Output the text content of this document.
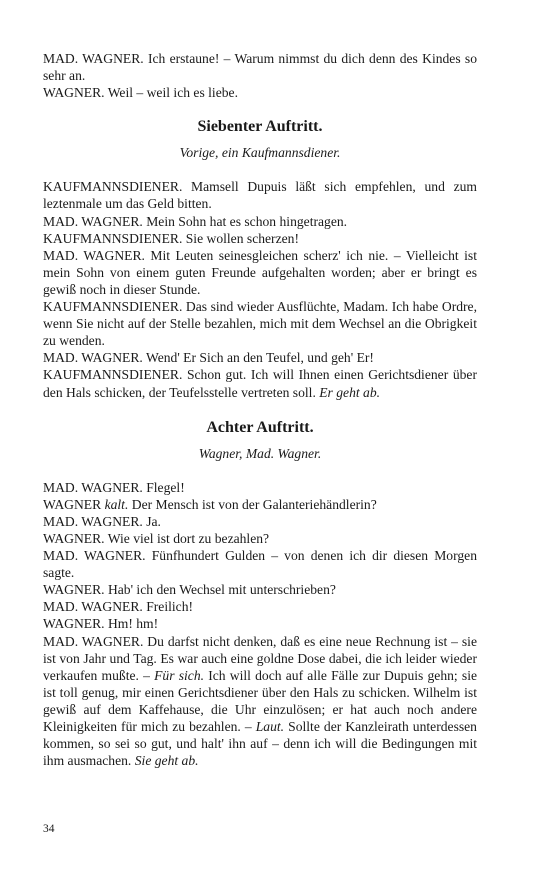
MAD. WAGNER. Ich erstaune! – Warum nimmst du dich denn des Kindes so sehr an.

WAGNER. Weil – weil ich es liebe.

Siebenter Auftritt.

Vorige, ein Kaufmannsdiener.

KAUFMANNSDIENER. Mamsell Dupuis läßt sich empfehlen, und zum leztenmale um das Geld bitten.

MAD. WAGNER. Mein Sohn hat es schon hingetragen.

KAUFMANNSDIENER. Sie wollen scherzen!

MAD. WAGNER. Mit Leuten seinesgleichen scherz' ich nie. – Vielleicht ist mein Sohn von einem guten Freunde aufgehalten worden; aber er bringt es gewiß noch in dieser Stunde.

KAUFMANNSDIENER. Das sind wieder Ausflüchte, Madam. Ich habe Ordre, wenn Sie nicht auf der Stelle bezahlen, mich mit dem Wechsel an die Obrigkeit zu wenden.

MAD. WAGNER. Wend' Er Sich an den Teufel, und geh' Er!

KAUFMANNSDIENER. Schon gut. Ich will Ihnen einen Gerichtsdiener über den Hals schicken, der Teufelsstelle vertreten soll. Er geht ab.

Achter Auftritt.

Wagner, Mad. Wagner.

MAD. WAGNER. Flegel!

WAGNER kalt. Der Mensch ist von der Galanteriehändlerin?

MAD. WAGNER. Ja.

WAGNER. Wie viel ist dort zu bezahlen?

MAD. WAGNER. Fünfhundert Gulden – von denen ich dir diesen Morgen sagte.

WAGNER. Hab' ich den Wechsel mit unterschrieben?

MAD. WAGNER. Freilich!

WAGNER. Hm! hm!

MAD. WAGNER. Du darfst nicht denken, daß es eine neue Rechnung ist – sie ist von Jahr und Tag. Es war auch eine goldne Dose dabei, die ich leider wieder verkaufen mußte. – Für sich. Ich will doch auf alle Fälle zur Dupuis gehn; sie ist toll genug, mir einen Gerichtsdiener über den Hals zu schicken. Wilhelm ist gewiß auf dem Kaffehause, die Uhr einzulösen; er hat auch noch andere Kleinigkeiten für mich zu bezahlen. – Laut. Sollte der Kanzleirath unterdessen kommen, so sei so gut, und halt' ihn auf – denn ich will die Bedingungen mit ihm ausmachen. Sie geht ab.

34
